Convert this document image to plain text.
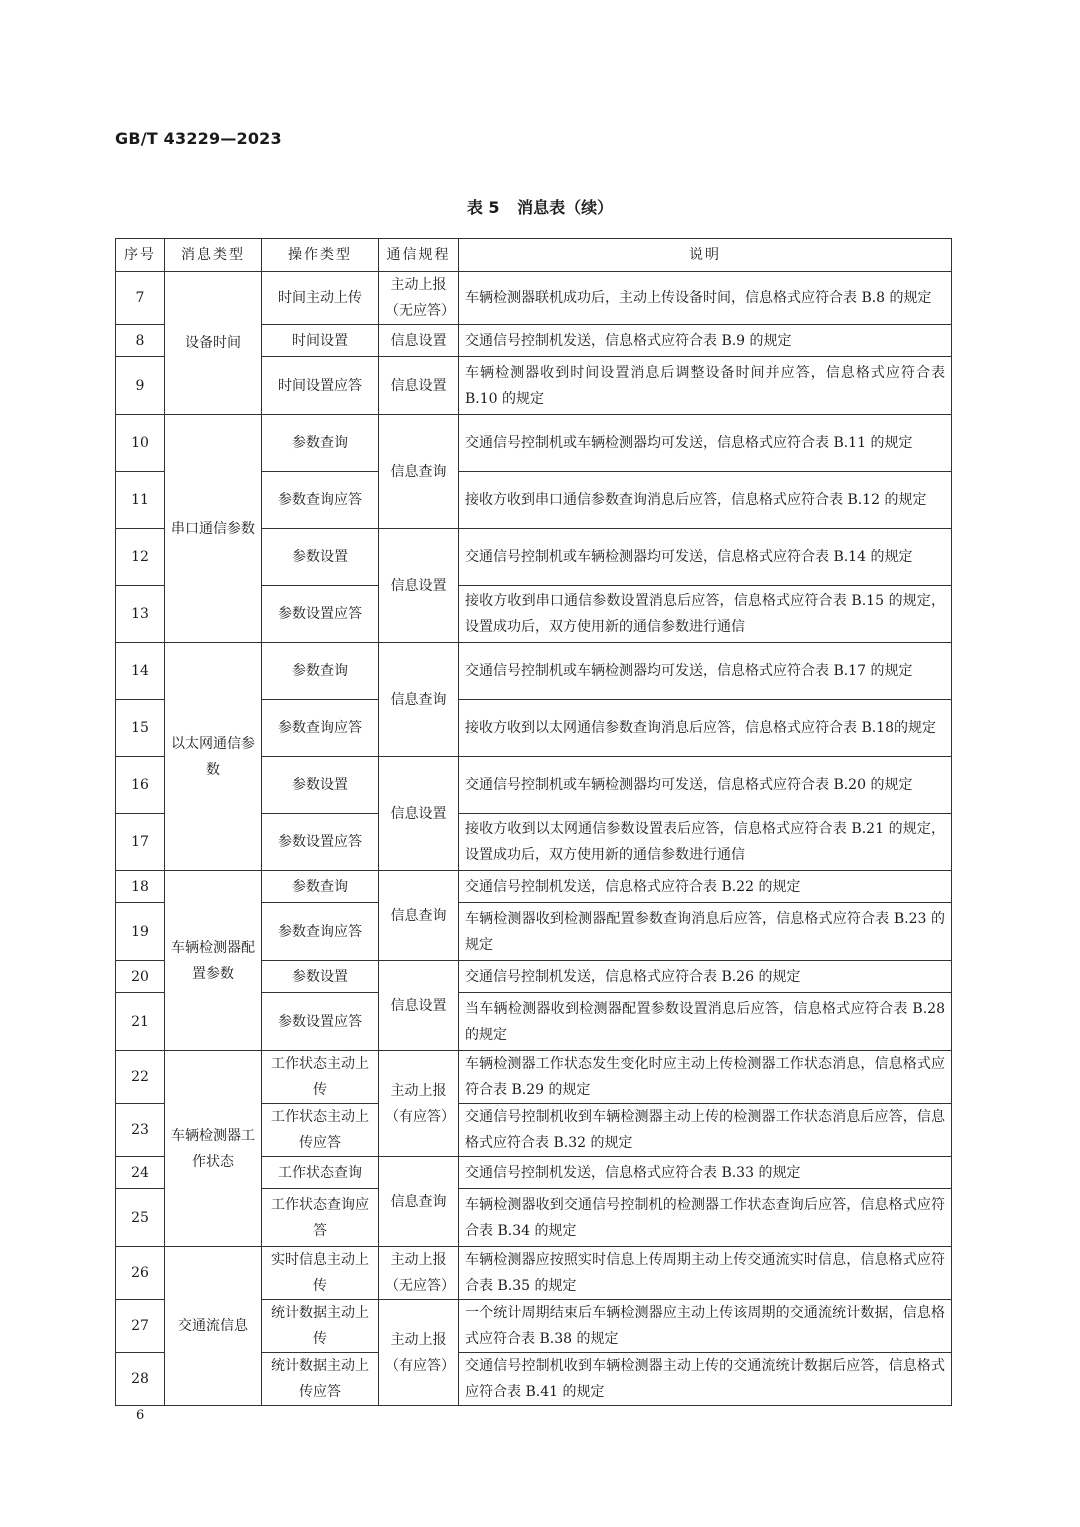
GB/T 43229—2023
表 5 消息表（续）
序号	消息类型	操作类型	通信规程	说明
7	设备时间	时间主动上传	主动上报（无应答）	车辆检测器联机成功后，主动上传设备时间，信息格式应符合表 B.8 的规定
8		时间设置	信息设置	交通信号控制机发送，信息格式应符合表 B.9 的规定
9		时间设置应答	信息设置	车辆检测器收到时间设置消息后调整设备时间并应答，信息格式应符合表 B.10 的规定
10	串口通信参数	参数查询	信息查询	交通信号控制机或车辆检测器均可发送，信息格式应符合表 B.11 的规定
11		参数查询应答		接收方收到串口通信参数查询消息后应答，信息格式应符合表 B.12 的规定
12		参数设置	信息设置	交通信号控制机或车辆检测器均可发送，信息格式应符合表 B.14 的规定
13		参数设置应答		接收方收到串口通信参数设置消息后应答，信息格式应符合表 B.15 的规定，设置成功后，双方使用新的通信参数进行通信
14	以太网通信参数	参数查询	信息查询	交通信号控制机或车辆检测器均可发送，信息格式应符合表 B.17 的规定
15		参数查询应答		接收方收到以太网通信参数查询消息后应答，信息格式应符合表 B.18的规定
16		参数设置	信息设置	交通信号控制机或车辆检测器均可发送，信息格式应符合表 B.20 的规定
17		参数设置应答		接收方收到以太网通信参数设置表后应答，信息格式应符合表 B.21 的规定，设置成功后，双方使用新的通信参数进行通信
18	车辆检测器配置参数	参数查询	信息查询	交通信号控制机发送，信息格式应符合表 B.22 的规定
19		参数查询应答		车辆检测器收到检测器配置参数查询消息后应答，信息格式应符合表 B.23 的规定
20		参数设置	信息设置	交通信号控制机发送，信息格式应符合表 B.26 的规定
21		参数设置应答		当车辆检测器收到检测器配置参数设置消息后应答，信息格式应符合表 B.28 的规定
22	车辆检测器工作状态	工作状态主动上传	主动上报（有应答）	车辆检测器工作状态发生变化时应主动上传检测器工作状态消息，信息格式应符合表 B.29 的规定
23		工作状态主动上传应答		交通信号控制机收到车辆检测器主动上传的检测器工作状态消息后应答，信息格式应符合表 B.32 的规定
24		工作状态查询	信息查询	交通信号控制机发送，信息格式应符合表 B.33 的规定
25		工作状态查询应答		车辆检测器收到交通信号控制机的检测器工作状态查询后应答，信息格式应符合表 B.34 的规定
26	交通流信息	实时信息主动上传	主动上报（无应答）	车辆检测器应按照实时信息上传周期主动上传交通流实时信息，信息格式应符合表 B.35 的规定
27		统计数据主动上传	主动上报（有应答）	一个统计周期结束后车辆检测器应主动上传该周期的交通流统计数据，信息格式应符合表 B.38 的规定
28		统计数据主动上传应答		交通信号控制机收到车辆检测器主动上传的交通流统计数据后应答，信息格式应符合表 B.41 的规定
6
